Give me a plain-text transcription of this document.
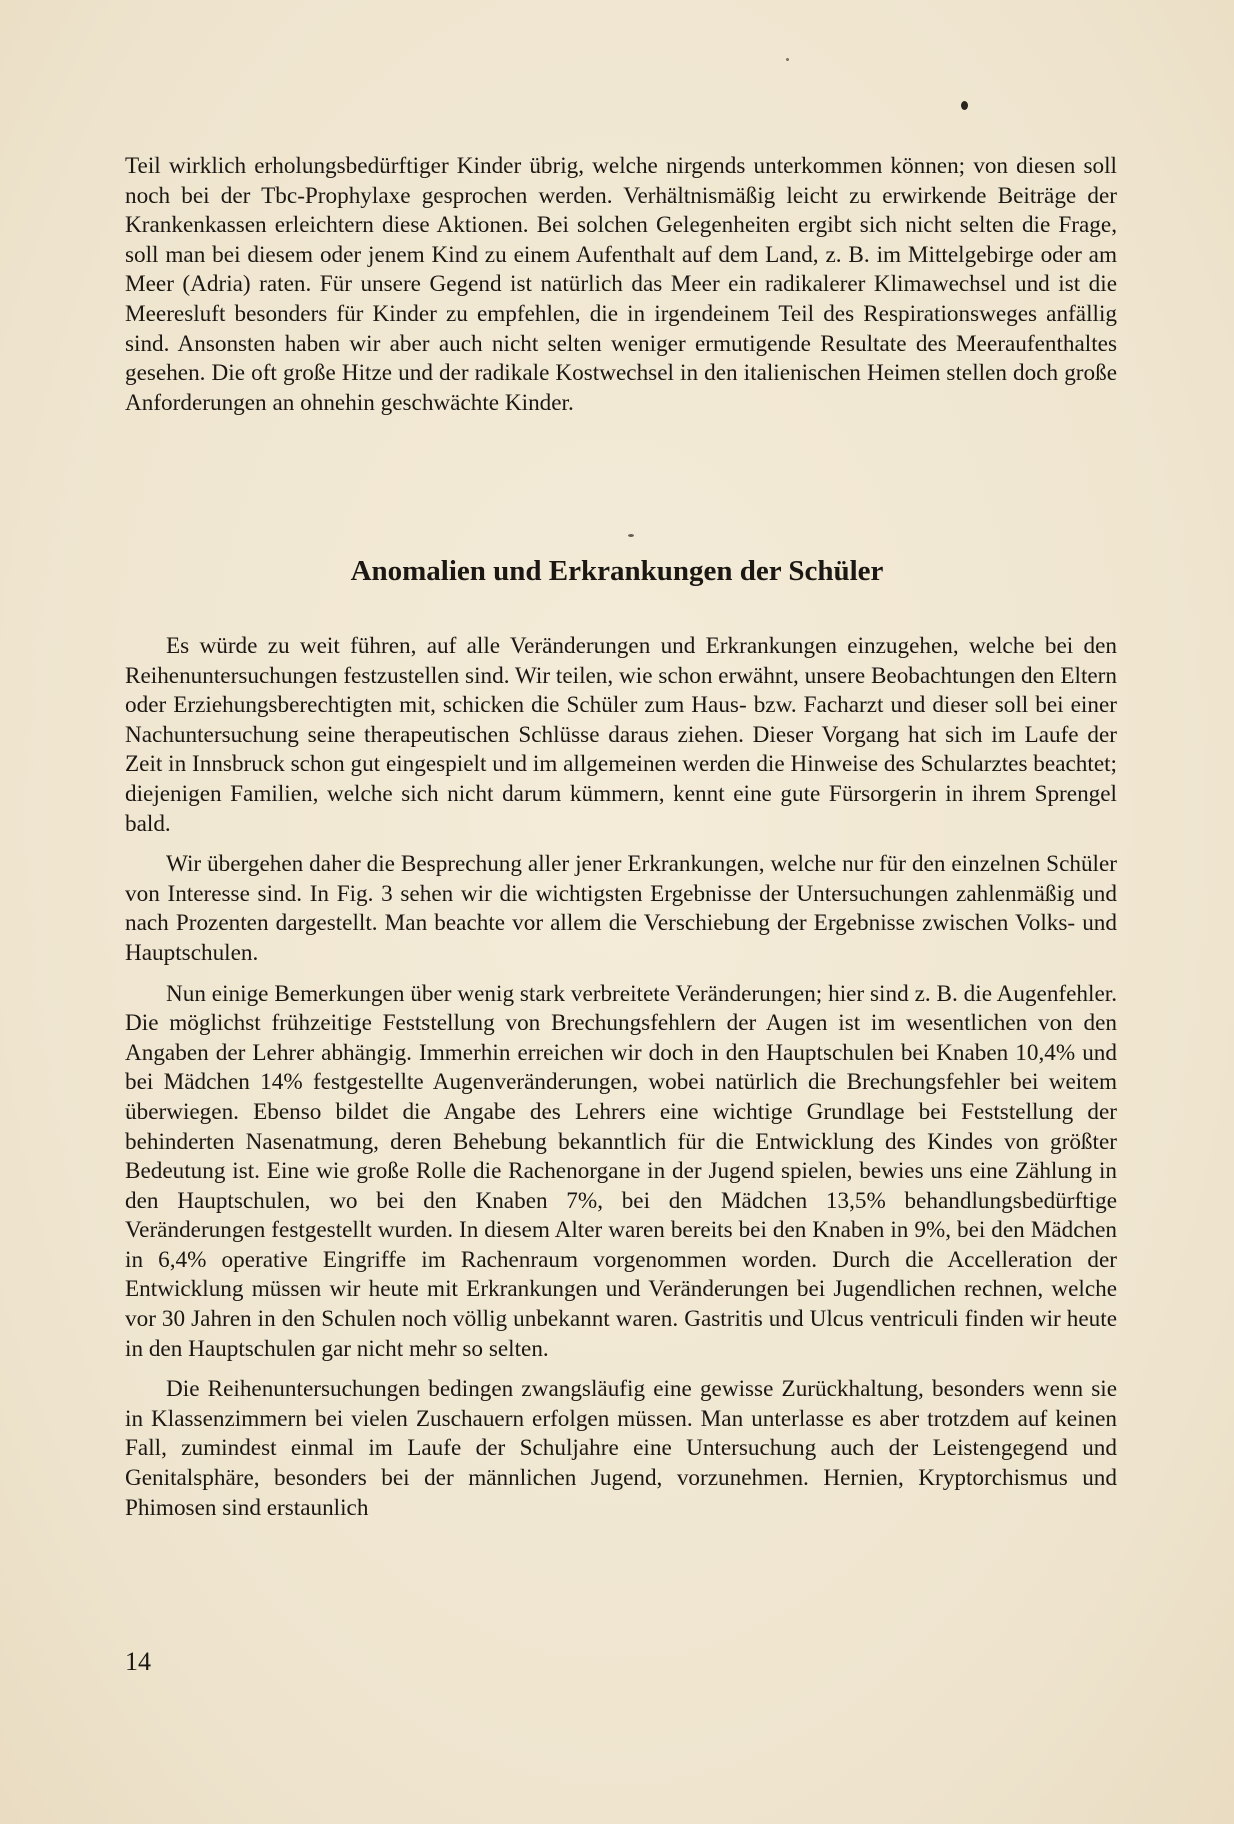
Teil wirklich erholungsbedürftiger Kinder übrig, welche nirgends unterkommen können; von diesen soll noch bei der Tbc-Prophylaxe gesprochen werden. Verhältnismäßig leicht zu erwirkende Beiträge der Krankenkassen erleichtern diese Aktionen. Bei solchen Gelegenheiten ergibt sich nicht selten die Frage, soll man bei diesem oder jenem Kind zu einem Aufenthalt auf dem Land, z. B. im Mittelgebirge oder am Meer (Adria) raten. Für unsere Gegend ist natürlich das Meer ein radikalerer Klimawechsel und ist die Meeresluft besonders für Kinder zu empfehlen, die in irgendeinem Teil des Respirationsweges anfällig sind. Ansonsten haben wir aber auch nicht selten weniger ermutigende Resultate des Meeraufenthaltes gesehen. Die oft große Hitze und der radikale Kostwechsel in den italienischen Heimen stellen doch große Anforderungen an ohnehin geschwächte Kinder.

Anomalien und Erkrankungen der Schüler

Es würde zu weit führen, auf alle Veränderungen und Erkrankungen einzugehen, welche bei den Reihenuntersuchungen festzustellen sind. Wir teilen, wie schon erwähnt, unsere Beobachtungen den Eltern oder Erziehungsberechtigten mit, schicken die Schüler zum Haus- bzw. Facharzt und dieser soll bei einer Nachuntersuchung seine therapeutischen Schlüsse daraus ziehen. Dieser Vorgang hat sich im Laufe der Zeit in Innsbruck schon gut eingespielt und im allgemeinen werden die Hinweise des Schularztes beachtet; diejenigen Familien, welche sich nicht darum kümmern, kennt eine gute Fürsorgerin in ihrem Sprengel bald.

Wir übergehen daher die Besprechung aller jener Erkrankungen, welche nur für den einzelnen Schüler von Interesse sind. In Fig. 3 sehen wir die wichtigsten Ergebnisse der Untersuchungen zahlenmäßig und nach Prozenten dargestellt. Man beachte vor allem die Verschiebung der Ergebnisse zwischen Volks- und Hauptschulen.

Nun einige Bemerkungen über wenig stark verbreitete Veränderungen; hier sind z. B. die Augenfehler. Die möglichst frühzeitige Feststellung von Brechungsfehlern der Augen ist im wesentlichen von den Angaben der Lehrer abhängig. Immerhin erreichen wir doch in den Hauptschulen bei Knaben 10,4% und bei Mädchen 14% festgestellte Augenveränderungen, wobei natürlich die Brechungsfehler bei weitem überwiegen. Ebenso bildet die Angabe des Lehrers eine wichtige Grundlage bei Feststellung der behinderten Nasenatmung, deren Behebung bekanntlich für die Entwicklung des Kindes von größter Bedeutung ist. Eine wie große Rolle die Rachenorgane in der Jugend spielen, bewies uns eine Zählung in den Hauptschulen, wo bei den Knaben 7%, bei den Mädchen 13,5% behandlungsbedürftige Veränderungen festgestellt wurden. In diesem Alter waren bereits bei den Knaben in 9%, bei den Mädchen in 6,4% operative Eingriffe im Rachenraum vorgenommen worden. Durch die Accelleration der Entwicklung müssen wir heute mit Erkrankungen und Veränderungen bei Jugendlichen rechnen, welche vor 30 Jahren in den Schulen noch völlig unbekannt waren. Gastritis und Ulcus ventriculi finden wir heute in den Hauptschulen gar nicht mehr so selten.

Die Reihenuntersuchungen bedingen zwangsläufig eine gewisse Zurückhaltung, besonders wenn sie in Klassenzimmern bei vielen Zuschauern erfolgen müssen. Man unterlasse es aber trotzdem auf keinen Fall, zumindest einmal im Laufe der Schuljahre eine Untersuchung auch der Leistengegend und Genitalsphäre, besonders bei der männlichen Jugend, vorzunehmen. Hernien, Kryptorchismus und Phimosen sind erstaunlich

14
